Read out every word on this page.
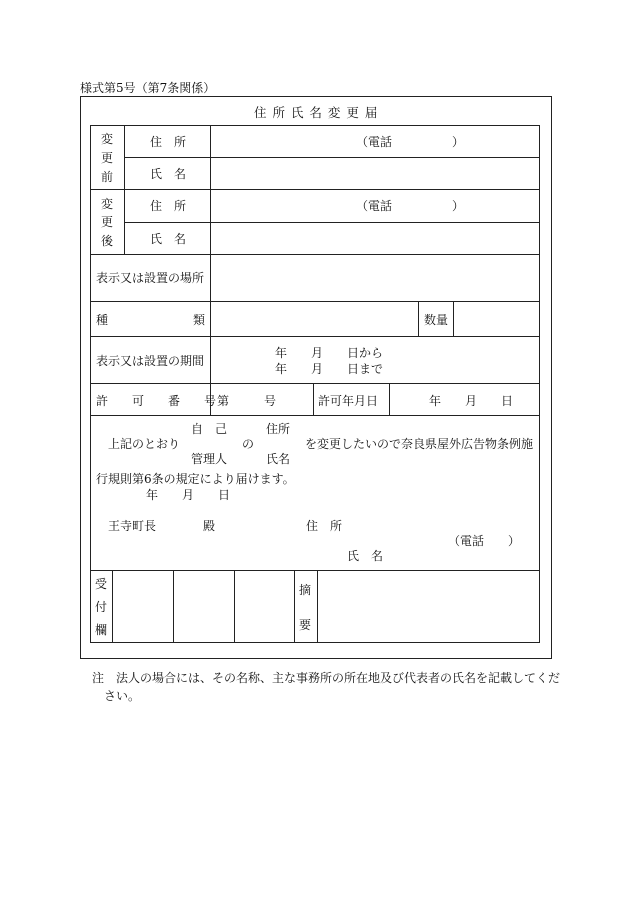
様式第5号（第7条関係）
住 所 氏 名 変 更 届
変
更
前
住　所	（電話　　　　　）
氏　名
変
更
後
住　所	（電話　　　　　）
氏　名
表示又は設置の場所
種	類	数量
表示又は設置の期間
年　　月　　日から
年　　月　　日まで
許　　可　　番　　号 第	号	許可年月日	年　　月　　日
自　己	住所
上記のとおり	の	を変更したいので奈良県屋外広告物条例施
管理人	氏名
行規則第6条の規定により届けます。
年　　月　　日
王寺町長	殿	住　所
（電話　　）
氏　名
受
付
欄
摘
要
注 法人の場合には、その名称、主な事務所の所在地及び代表者の氏名を記載してくだ
さい。
